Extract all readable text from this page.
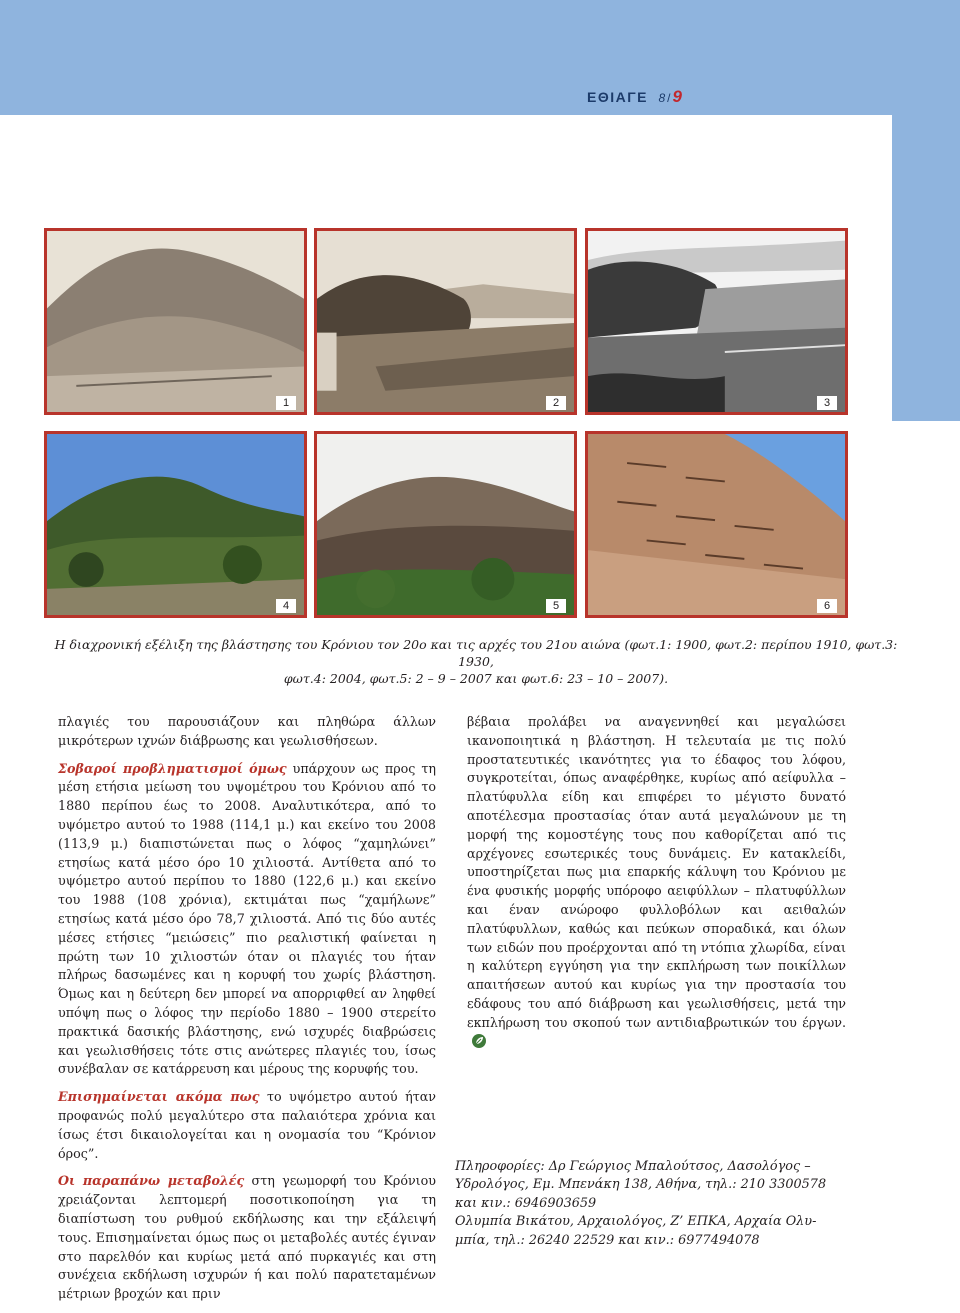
ΕΘΙΑΓΕ 8 / 9
1	2	3
4	5	6
Η διαχρονική εξέλιξη της βλάστησης του Κρόνιου τον 20ο και τις αρχές του 21ου αιώνα (φωτ.1: 1900, φωτ.2: περίπου 1910, φωτ.3: 1930,
φωτ.4: 2004, φωτ.5: 2 – 9 – 2007 και φωτ.6: 23 – 10 – 2007).

πλαγιές του παρουσιάζουν και πληθώρα άλλων μικρότερων ιχνών διάβρωσης και γεωλισθήσεων.

Σοβαροί προβληματισμοί όμως υπάρχουν ως προς τη μέση ετήσια μείωση του υψομέτρου του Κρόνιου από το 1880 περίπου έως το 2008. Αναλυτικότερα, από το υψόμετρο αυτού το 1988 (114,1 μ.) και εκείνο του 2008 (113,9 μ.) διαπιστώνεται πως ο λόφος “χαμηλώνει” ετησίως κατά μέσο όρο 10 χιλιοστά. Αντίθετα από το υψόμετρο αυτού περίπου το 1880 (122,6 μ.) και εκείνο του 1988 (108 χρόνια), εκτιμάται πως “χαμήλωνε” ετησίως κατά μέσο όρο 78,7 χιλιοστά. Από τις δύο αυτές μέσες ετήσιες “μειώσεις” πιο ρεαλιστική φαίνεται η πρώτη των 10 χιλιοστών όταν οι πλαγιές του ήταν πλήρως δασωμένες και η κορυφή του χωρίς βλάστηση. Όμως και η δεύτερη δεν μπορεί να απορριφθεί αν ληφθεί υπόψη πως ο λόφος την περίοδο 1880 – 1900 στερείτο πρακτικά δασικής βλάστησης, ενώ ισχυρές διαβρώσεις και γεωλισθήσεις τότε στις ανώτερες πλαγιές του, ίσως συνέβαλαν σε κατάρρευση και μέρους της κορυφής του.

Επισημαίνεται ακόμα πως το υψόμετρο αυτού ήταν προφανώς πολύ μεγαλύτερο στα παλαιότερα χρόνια και ίσως έτσι δικαιολογείται και η ονομασία του “Κρόνιον όρος”.

Οι παραπάνω μεταβολές στη γεωμορφή του Κρόνιου χρειάζονται λεπτομερή ποσοτικοποίηση για τη διαπίστωση του ρυθμού εκδήλωσης και την εξάλειψή τους. Επισημαίνεται όμως πως οι μεταβολές αυτές έγιναν στο παρελθόν και κυρίως μετά από πυρκαγιές και στη συνέχεια εκδήλωση ισχυρών ή και πολύ παρατεταμένων μέτριων βροχών και πριν

βέβαια προλάβει να αναγεννηθεί και μεγαλώσει ικανοποιητικά η βλάστηση. Η τελευταία με τις πολύ προστατευτικές ικανότητες για το έδαφος του λόφου, συγκροτείται, όπως αναφέρθηκε, κυρίως από αείφυλλα – πλατύφυλλα είδη και επιφέρει το μέγιστο δυνατό αποτέλεσμα προστασίας όταν αυτά μεγαλώνουν με τη μορφή της κομοστέγης τους που καθορίζεται από τις αρχέγονες εσωτερικές τους δυνάμεις. Εν κατακλείδι, υποστηρίζεται πως μια επαρκής κάλυψη του Κρόνιου με ένα φυσικής μορφής υπόροφο αειφύλλων – πλατυφύλλων και έναν ανώροφο φυλλοβόλων και αειθαλών πλατύφυλλων, καθώς και πεύκων σποραδικά, και όλων των ειδών που προέρχονται από τη ντόπια χλωρίδα, είναι η καλύτερη εγγύηση για την εκπλήρωση των ποικίλλων απαιτήσεων αυτού και κυρίως για την προστασία του εδάφους του από διάβρωση και γεωλισθήσεις, μετά την εκπλήρωση του σκοπού των αντιδιαβρωτικών του έργων.

Πληροφορίες: Δρ Γεώργιος Μπαλούτσος, Δασολόγος –
Υδρολόγος, Εμ. Μπενάκη 138, Αθήνα, τηλ.: 210 3300578
και κιν.: 6946903659
Ολυμπία Βικάτου, Αρχαιολόγος, Ζ’ ΕΠΚΑ, Αρχαία Ολυ-
μπία, τηλ.: 26240 22529 και κιν.: 6977494078
